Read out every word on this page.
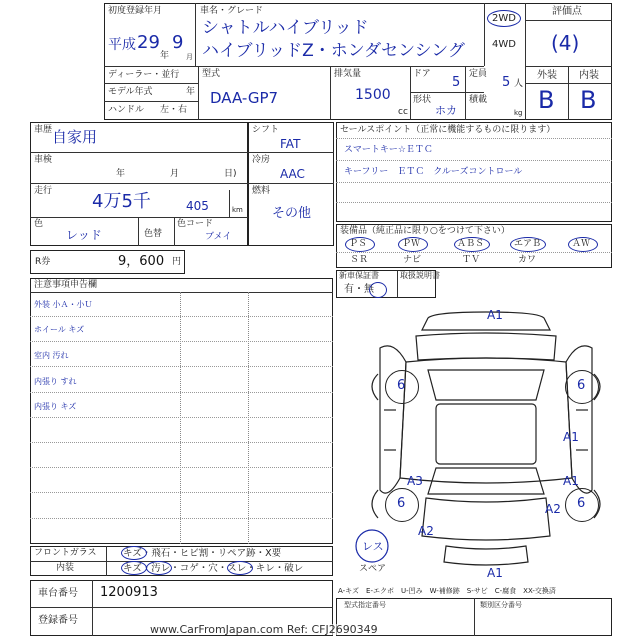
初度登録年月
平成 29
年
9
月
車名・グレード
シャトルハイブリッド
ハイブリッドZ・ホンダセンシング
2WD
4WD
ディーラー・並行
モデル年式	年
ハンドル 左・右
型式
DAA-GP7
排気量
1500
cc
ドア
5
形状
ホカ
定員
5 人
積載
kg
評価点
(4)
外装 内装
B B
車歴 自家用
車検
年	月	日)
走行 4万5千	405	km
色
レッド	色替
色コード
ブメイ
シフト
FAT
冷房
AAC
燃料
その他
R券	9，600 円
セールスポイント（正常に機能するものに限ります）
スマートキー☆ＥＴＣ
キーフリー　ＥＴＣ　クルーズコントロール
装備品（純正品に限り○をつけて下さい）
ＰＳ	ＰＷ	ＡＢＳ	エアＢ	ＡＷ
ＳＲ	ナビ	ＴＶ	カワ
新車保証書
有・無
取扱説明書
注意事項申告欄
外装 小Ａ・小Ｕ
ホイール キズ
室内 汚れ
内張り すれ
内張り キズ
A1
6	6
A1
A3	A1
6	6
A2
A2
A1
レス
スペア
A-キズ　E-エクボ　U-凹み　W-補修跡　S-サビ　C-腐食　XX-交換済
フロントガラス	キズ・飛石・ヒビ割・リペア跡・X要
内装	キズ・汚レ・コゲ・穴・スレ・キレ・破レ
車台番号 1200913
登録番号
型式指定番号	類別区分番号
www.CarFromJapan.com Ref: CFJ2690349
